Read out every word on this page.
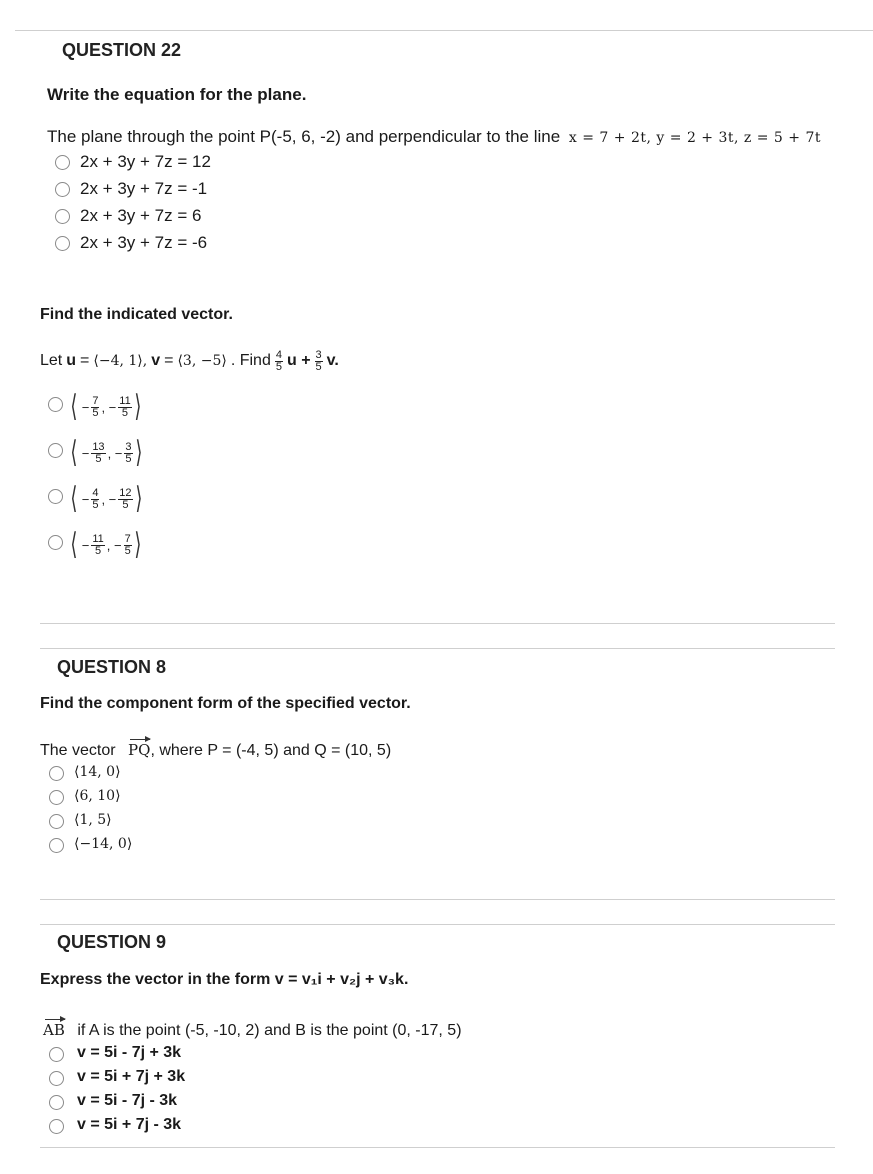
QUESTION 22
Write the equation for the plane.
The plane through the point P(-5, 6, -2) and perpendicular to the line x = 7 + 2t, y = 2 + 3t, z = 5 + 7t
2x + 3y + 7z = 12
2x + 3y + 7z = -1
2x + 3y + 7z = 6
2x + 3y + 7z = -6
Find the indicated vector.
Let u = ⟨−4, 1⟩, v = ⟨3, −5⟩ . Find $\frac{4}{5}$ $u + \frac{3}{5} v$.
⟨ − $\frac{7}{5}$ , − $\frac{11}{5}$ ⟩
⟨ − $\frac{13}{5}$ , − $\frac{3}{5}$ ⟩
⟨ − $\frac{4}{5}$ , − $\frac{12}{5}$ ⟩
⟨ − $\frac{11}{5}$ , − $\frac{7}{5}$ ⟩
QUESTION 8
Find the component form of the specified vector.
The vector PQ, where P = (-4, 5) and Q = (10, 5)
⟨14, 0⟩
⟨6, 10⟩
⟨1, 5⟩
⟨−14, 0⟩
QUESTION 9
Express the vector in the form v = v₁i + v₂j + v₃k.
AB if A is the point (-5, -10, 2) and B is the point (0, -17, 5)
v = 5i - 7j + 3k
v = 5i + 7j + 3k
v = 5i - 7j - 3k
v = 5i + 7j - 3k
